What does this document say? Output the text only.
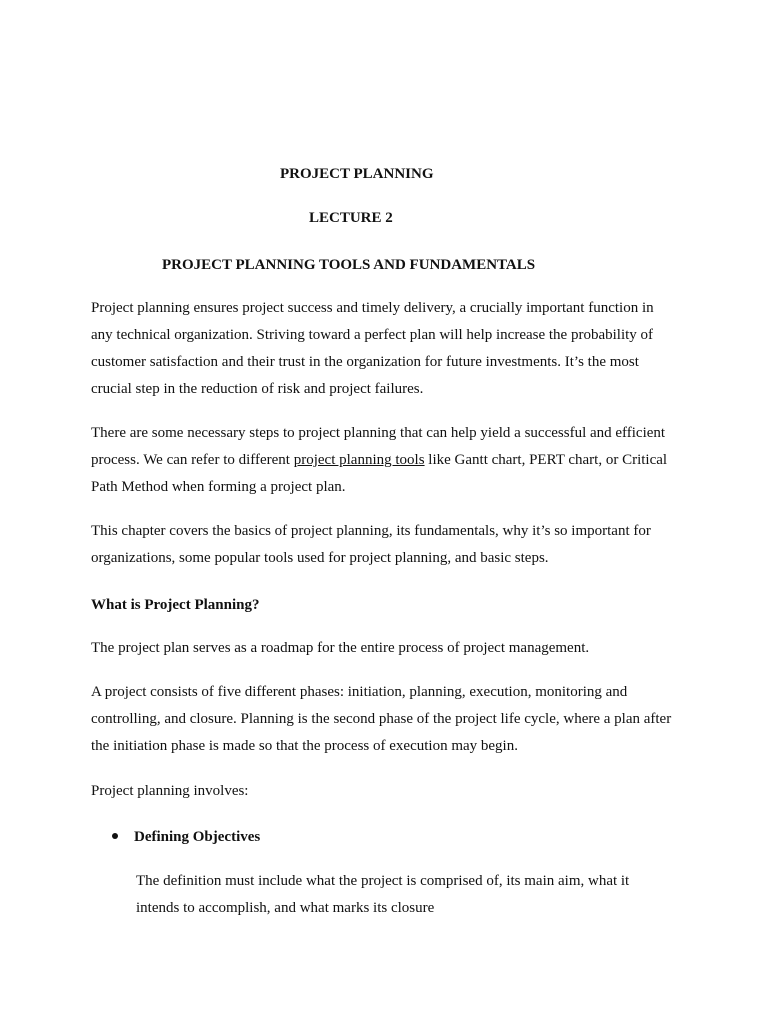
PROJECT PLANNING
LECTURE 2
PROJECT PLANNING TOOLS AND FUNDAMENTALS
Project planning ensures project success and timely delivery, a crucially important function in
any technical organization. Striving toward a perfect plan will help increase the probability of
customer satisfaction and their trust in the organization for future investments. It’s the most
crucial step in the reduction of risk and project failures.
There are some necessary steps to project planning that can help yield a successful and efficient
process. We can refer to different project planning tools like Gantt chart, PERT chart, or Critical
Path Method when forming a project plan.
This chapter covers the basics of project planning, its fundamentals, why it’s so important for
organizations, some popular tools used for project planning, and basic steps.
What is Project Planning?
The project plan serves as a roadmap for the entire process of project management.
A project consists of five different phases: initiation, planning, execution, monitoring and
controlling, and closure. Planning is the second phase of the project life cycle, where a plan after
the initiation phase is made so that the process of execution may begin.
Project planning involves:
Defining Objectives
The definition must include what the project is comprised of, its main aim, what it
intends to accomplish, and what marks its closure
